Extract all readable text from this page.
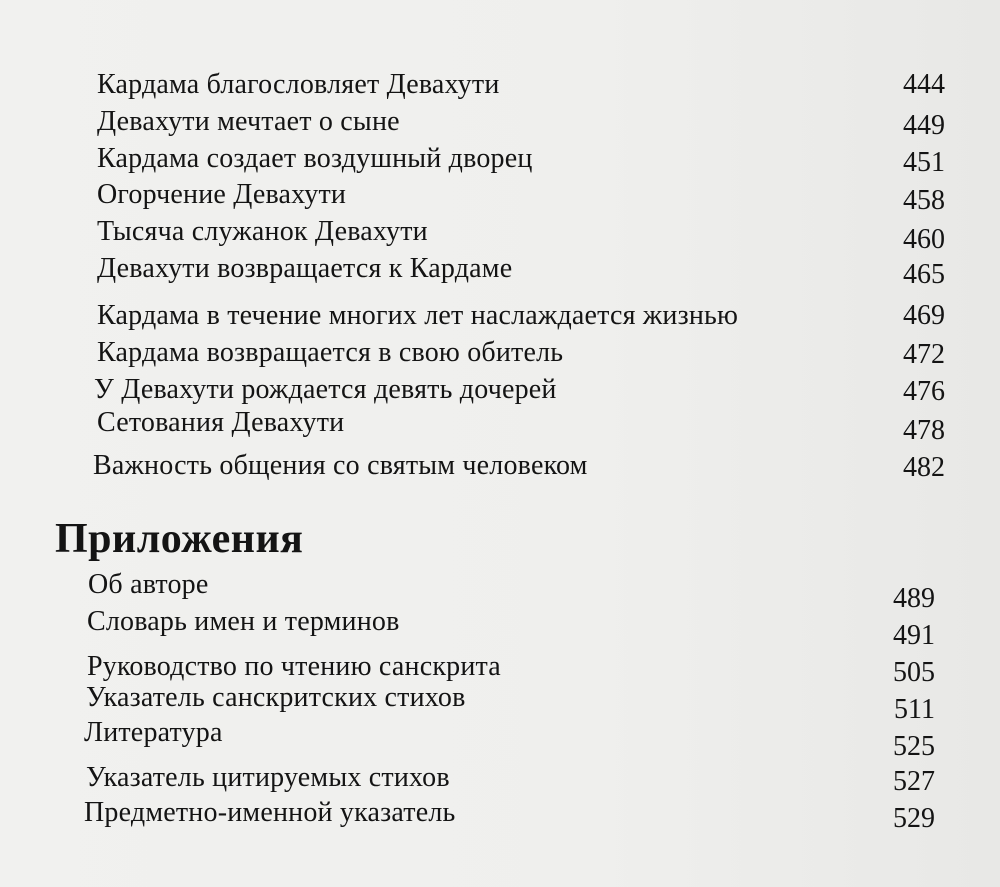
Кардама благословляет Девахути	444
Девахути мечтает о сыне	449
Кардама создает воздушный дворец	451
Огорчение Девахути	458
Тысяча служанок Девахути	460
Девахути возвращается к Кардаме	465
Кардама в течение многих лет наслаждается жизнью	469
Кардама возвращается в свою обитель	472
У Девахути рождается девять дочерей	476
Сетования Девахути	478
Важность общения со святым человеком	482
Приложения
Об авторе	489
Словарь имен и терминов	491
Руководство по чтению санскрита	505
Указатель санскритских стихов	511
Литература	525
Указатель цитируемых стихов	527
Предметно-именной указатель	529
